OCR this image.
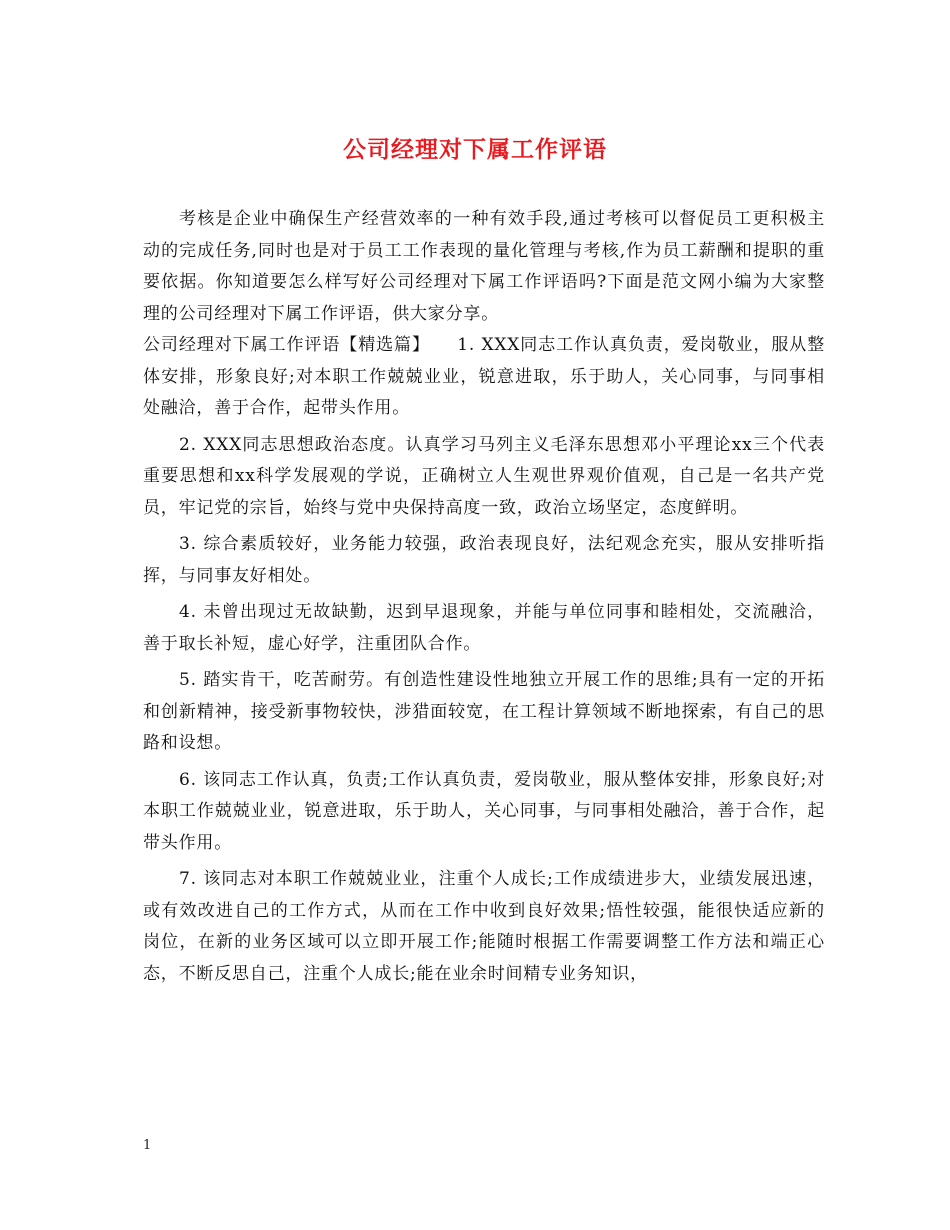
公司经理对下属工作评语

考核是企业中确保生产经营效率的一种有效手段,通过考核可以督促员工更积极主动的完成任务,同时也是对于员工工作表现的量化管理与考核,作为员工薪酬和提职的重要依据。你知道要怎么样写好公司经理对下属工作评语吗?下面是范文网小编为大家整理的公司经理对下属工作评语，供大家分享。

公司经理对下属工作评语【精选篇】　　1. XXX同志工作认真负责，爱岗敬业，服从整体安排，形象良好;对本职工作兢兢业业，锐意进取，乐于助人，关心同事，与同事相处融洽，善于合作，起带头作用。

2. XXX同志思想政治态度。认真学习马列主义毛泽东思想邓小平理论xx三个代表重要思想和xx科学发展观的学说，正确树立人生观世界观价值观，自己是一名共产党员，牢记党的宗旨，始终与党中央保持高度一致，政治立场坚定，态度鲜明。

3. 综合素质较好，业务能力较强，政治表现良好，法纪观念充实，服从安排听指挥，与同事友好相处。

4. 未曾出现过无故缺勤，迟到早退现象，并能与单位同事和睦相处，交流融洽，善于取长补短，虚心好学，注重团队合作。

5. 踏实肯干，吃苦耐劳。有创造性建设性地独立开展工作的思维;具有一定的开拓和创新精神，接受新事物较快，涉猎面较宽，在工程计算领域不断地探索，有自己的思路和设想。

6. 该同志工作认真，负责;工作认真负责，爱岗敬业，服从整体安排，形象良好;对本职工作兢兢业业，锐意进取，乐于助人，关心同事，与同事相处融洽，善于合作，起带头作用。

7. 该同志对本职工作兢兢业业，注重个人成长;工作成绩进步大，业绩发展迅速，或有效改进自己的工作方式，从而在工作中收到良好效果;悟性较强，能很快适应新的岗位，在新的业务区域可以立即开展工作;能随时根据工作需要调整工作方法和端正心态，不断反思自己，注重个人成长;能在业余时间精专业务知识，

1
